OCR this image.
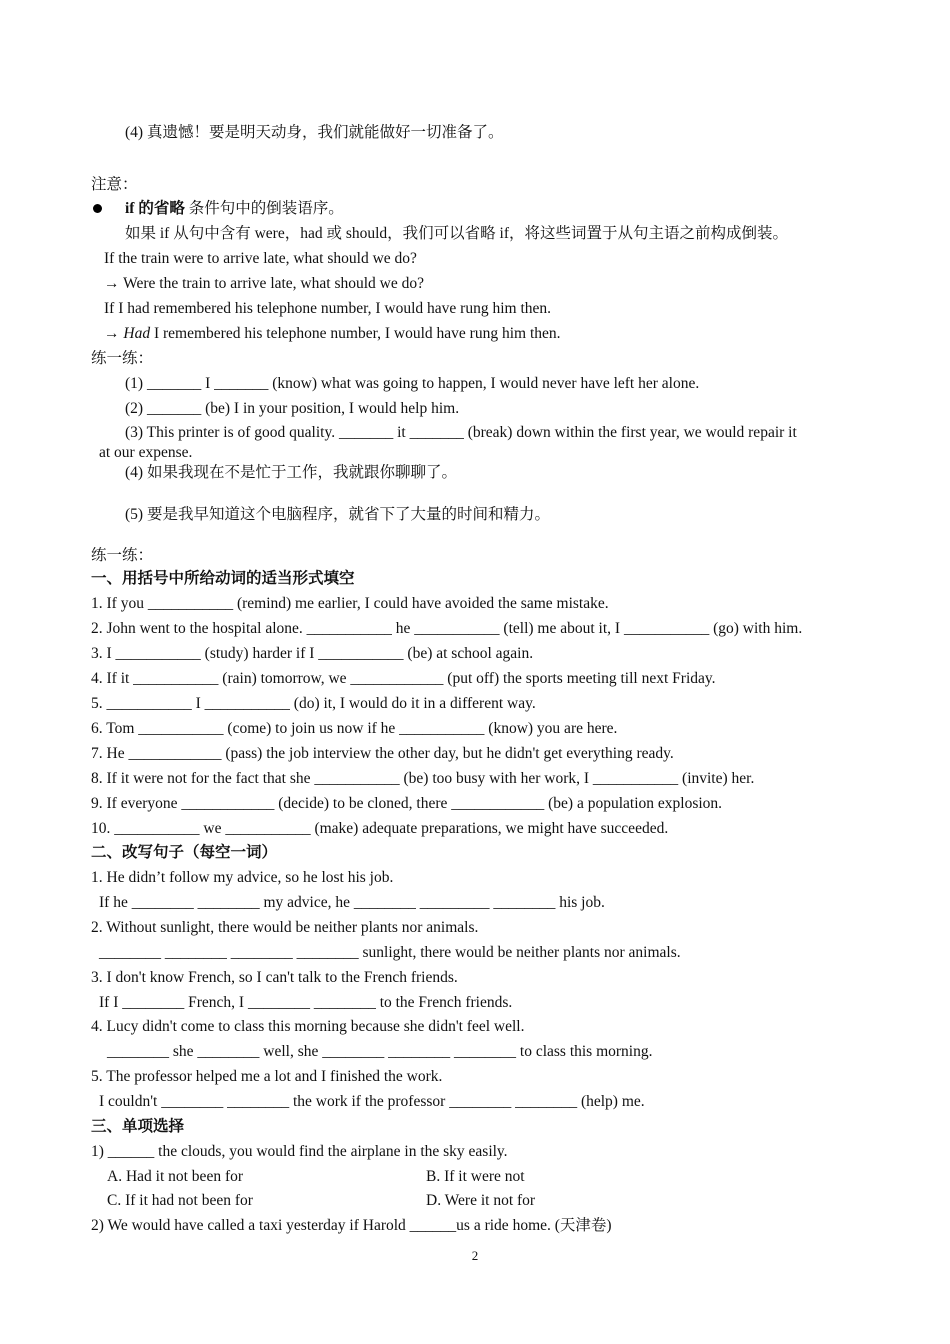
(4) 真遗憾！要是明天动身，我们就能做好一切准备了。
注意：
if 的省略 条件句中的倒装语序。
如果 if 从句中含有 were，had 或 should，我们可以省略 if，将这些词置于从句主语之前构成倒装。
If the train were to arrive late, what should we do?
→ Were the train to arrive late, what should we do?
If I had remembered his telephone number, I would have rung him then.
→ Had I remembered his telephone number, I would have rung him then.
练一练：
(1) _______ I _______ (know) what was going to happen, I would never have left her alone.
(2) _______ (be) I in your position, I would help him.
(3) This printer is of good quality. _______ it _______ (break) down within the first year, we would repair it
at our expense.
(4) 如果我现在不是忙于工作，我就跟你聊聊了。
(5) 要是我早知道这个电脑程序，就省下了大量的时间和精力。
练一练：
一、用括号中所给动词的适当形式填空
1. If you ___________ (remind) me earlier, I could have avoided the same mistake.
2. John went to the hospital alone. ___________ he ___________ (tell) me about it, I ___________ (go) with him.
3. I ___________ (study) harder if I ___________ (be) at school again.
4. If it ___________ (rain) tomorrow, we ____________ (put off) the sports meeting till next Friday.
5. ___________ I ___________ (do) it, I would do it in a different way.
6. Tom ___________ (come) to join us now if he ___________ (know) you are here.
7. He ____________ (pass) the job interview the other day, but he didn't get everything ready.
8. If it were not for the fact that she ___________ (be) too busy with her work, I ___________ (invite) her.
9. If everyone ____________ (decide) to be cloned, there ____________ (be) a population explosion.
10. ___________ we ___________ (make) adequate preparations, we might have succeeded.
二、改写句子（每空一词）
1. He didn’t follow my advice, so he lost his job.
If he ________ ________ my advice, he ________ _________ ________ his job.
2. Without sunlight, there would be neither plants nor animals.
________ ________ ________ ________ sunlight, there would be neither plants nor animals.
3. I don't know French, so I can't talk to the French friends.
If I ________ French, I ________ ________ to the French friends.
4. Lucy didn't come to class this morning because she didn't feel well.
________ she ________ well, she ________ ________ ________ to class this morning.
5. The professor helped me a lot and I finished the work.
I couldn't ________ ________ the work if the professor ________ ________ (help) me.
三、单项选择
1) ______ the clouds, you would find the airplane in the sky easily.
A. Had it not been for	B. If it were not
C. If it had not been for	D. Were it not for
2) We would have called a taxi yesterday if Harold ______us a ride home. (天津卷)
2
